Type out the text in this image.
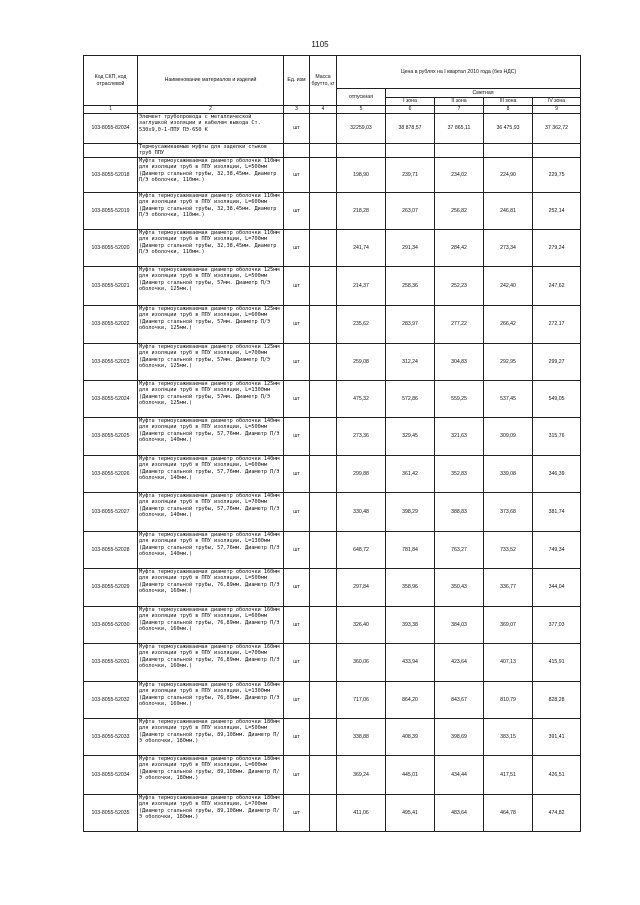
1105
Код СКП, код отраслевой	Наименование материалов и изделий	Ед. изм	Масса брутто, кг	Цена в рублях на I квартал 2010 года (без НДС)				
				отпускная	Сметная			
					I зона	II зона	III зона	IV зона
1	2	3	4	5	6	7	8	9
103-8055-82034	Элемент трубопровода с металлической заглушкой изоляции и кабелем вывода Ст. 530х9,0-1-ППУ ПЭ-650 К	шт		32259,03	38 878,57	37 865,11	36 475,93	37 362,72
	Термоусаживаемые муфты для заделки стыков труб ППУ							
103-8055-52018	Муфта термоусаживаемая диаметр оболочки 110мм для изоляции труб в ППУ изоляции, L=500мм (Диаметр стальной трубы, 32,38,45мм. Диаметр П/Э оболочки, 110мм.)	шт		198,90	239,71	234,02	224,90	229,75
103-8055-52019	Муфта термоусаживаемая диаметр оболочки 110мм для изоляции труб в ППУ изоляции, L=600мм (Диаметр стальной трубы, 32,38,45мм. Диаметр П/Э оболочки, 110мм.)	шт		218,28	263,07	256,82	246,81	252,14
103-8055-52020	Муфта термоусаживаемая диаметр оболочки 110мм для изоляции труб в ППУ изоляции, L=700мм (Диаметр стальной трубы, 32,38,45мм. Диаметр П/Э оболочки, 110мм.)	шт		241,74	291,34	284,42	273,34	279,24
103-8055-52021	Муфта термоусаживаемая диаметр оболочки 125мм для изоляции труб в ППУ изоляции, L=500мм (Диаметр стальной трубы, 57мм. Диаметр П/Э оболочки, 125мм.)	шт		214,37	258,36	252,23	242,40	247,62
103-8055-52022	Муфта термоусаживаемая диаметр оболочки 125мм для изоляции труб в ППУ изоляции, L=600мм (Диаметр стальной трубы, 57мм. Диаметр П/Э оболочки, 125мм.)	шт		235,62	283,97	277,22	266,42	272,17
103-8055-52023	Муфта термоусаживаемая диаметр оболочки 125мм для изоляции труб в ППУ изоляции, L=700мм (Диаметр стальной трубы, 57мм. Диаметр П/Э оболочки, 125мм.)	шт		259,08	312,24	304,83	292,95	299,27
103-8055-52024	Муфта термоусаживаемая диаметр оболочки 125мм для изоляции труб в ППУ изоляции, L=1300мм (Диаметр стальной трубы, 57мм. Диаметр П/Э оболочки, 125мм.)	шт		475,32	572,86	559,25	537,45	549,05
103-8055-52025	Муфта термоусаживаемая диаметр оболочки 140мм для изоляции труб в ППУ изоляции, L=500мм (Диаметр стальной трубы, 57,76мм. Диаметр П/Э оболочки, 140мм.)	шт		273,36	329,45	321,63	309,09	315,76
103-8055-52026	Муфта термоусаживаемая диаметр оболочки 140мм для изоляции труб в ППУ изоляции, L=600мм (Диаметр стальной трубы, 57,76мм. Диаметр П/Э оболочки, 140мм.)	шт		299,88	361,42	352,83	339,08	346,39
103-8055-52027	Муфта термоусаживаемая диаметр оболочки 140мм для изоляции труб в ППУ изоляции, L=700мм (Диаметр стальной трубы, 57,76мм. Диаметр П/Э оболочки, 140мм.)	шт		330,48	398,29	388,83	373,68	381,74
103-8055-52028	Муфта термоусаживаемая диаметр оболочки 140мм для изоляции труб в ППУ изоляции, L=1300мм (Диаметр стальной трубы, 57,76мм. Диаметр П/Э оболочки, 140мм.)	шт		648,72	781,84	763,27	733,52	749,34
103-8055-52029	Муфта термоусаживаемая диаметр оболочки 160мм для изоляции труб в ППУ изоляции, L=500мм (Диаметр стальной трубы, 76,89мм. Диаметр П/Э оболочки, 160мм.)	шт		297,84	358,96	350,43	336,77	344,04
103-8055-52030	Муфта термоусаживаемая диаметр оболочки 160мм для изоляции труб в ППУ изоляции, L=600мм (Диаметр стальной трубы, 76,89мм. Диаметр П/Э оболочки, 160мм.)	шт		326,40	393,38	384,03	369,07	377,03
103-8055-52031	Муфта термоусаживаемая диаметр оболочки 160мм для изоляции труб в ППУ изоляции, L=700мм (Диаметр стальной трубы, 76,89мм. Диаметр П/Э оболочки, 160мм.)	шт		360,06	433,94	423,64	407,13	415,91
103-8055-52032	Муфта термоусаживаемая диаметр оболочки 160мм для изоляции труб в ППУ изоляции, L=1300мм (Диаметр стальной трубы, 76,89мм. Диаметр П/Э оболочки, 160мм.)	шт		717,06	864,20	843,67	810,79	828,28
103-8055-52033	Муфта термоусаживаемая диаметр оболочки 180мм для изоляции труб в ППУ изоляции, L=500мм (Диаметр стальной трубы, 89,108мм. Диаметр П/Э оболочки, 180мм.)	шт		338,88	408,39	398,69	383,15	391,41
103-8055-52034	Муфта термоусаживаемая диаметр оболочки 180мм для изоляции труб в ППУ изоляции, L=600мм (Диаметр стальной трубы, 89,108мм. Диаметр П/Э оболочки, 180мм.)	шт		369,24	445,01	434,44	417,51	426,51
103-8055-52035	Муфта термоусаживаемая диаметр оболочки 180мм для изоляции труб в ППУ изоляции, L=700мм (Диаметр стальной трубы, 89,108мм. Диаметр П/Э оболочки, 180мм.)	шт		411,06	495,41	483,64	464,78	474,82
